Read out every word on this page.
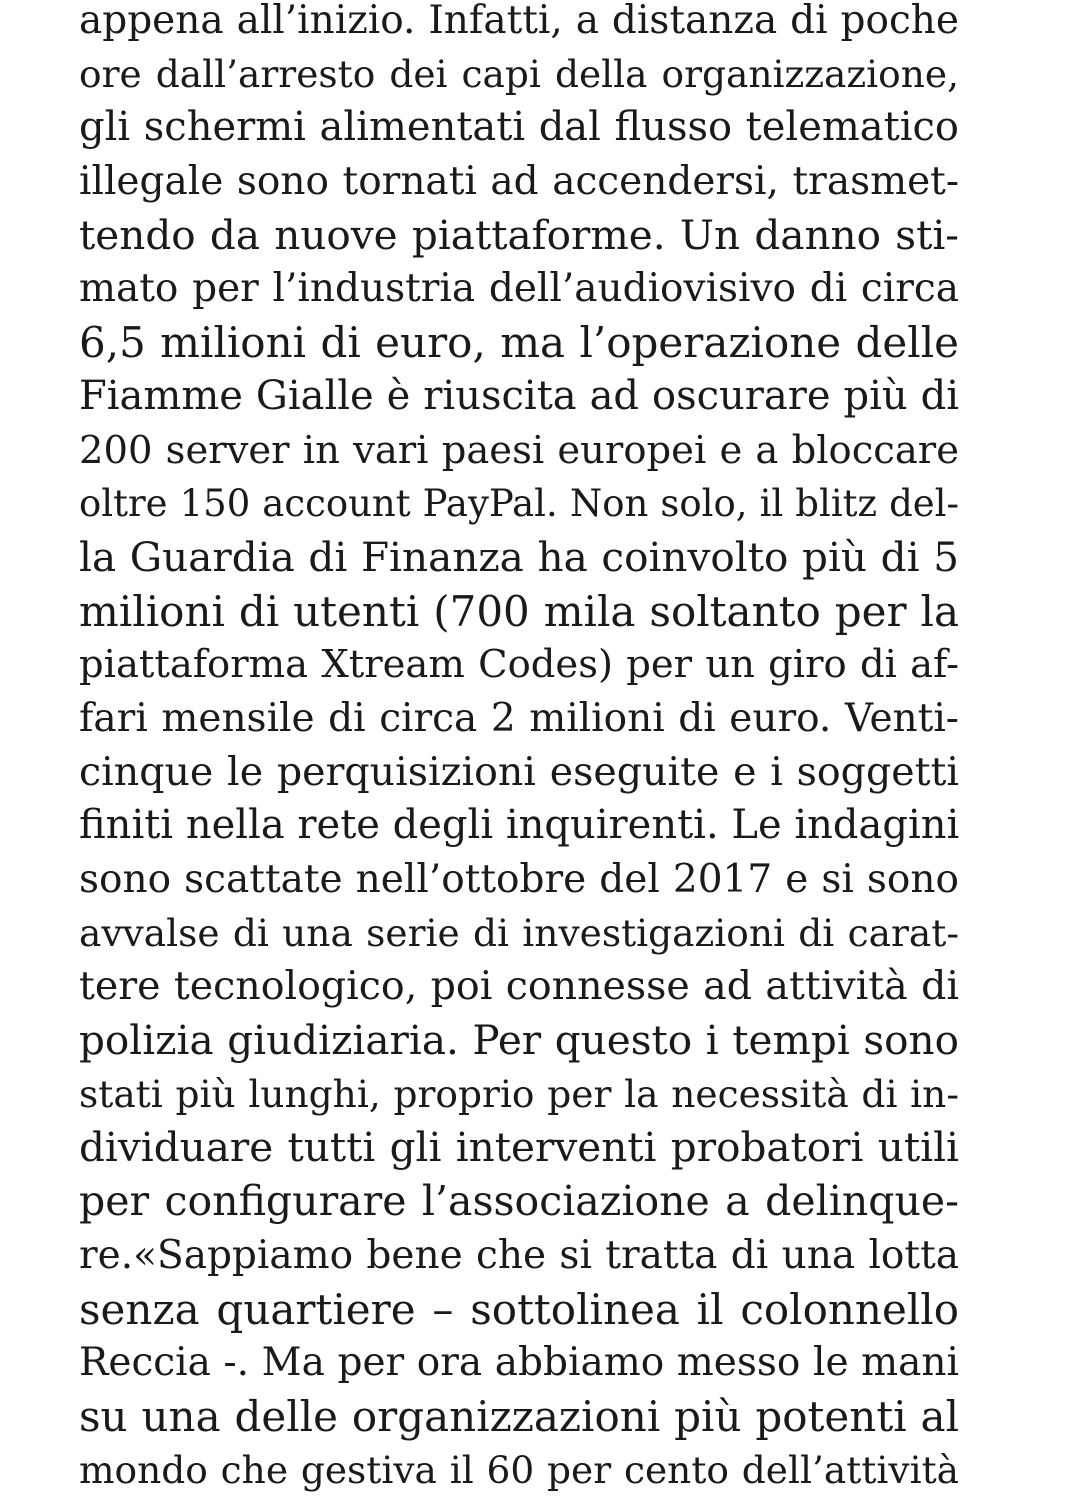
appena all’inizio. Infatti, a distanza di poche
ore dall’arresto dei capi della organizzazione,
gli schermi alimentati dal flusso telematico
illegale sono tornati ad accendersi, trasmet-
tendo da nuove piattaforme. Un danno sti-
mato per l’industria dell’audiovisivo di circa
6,5 milioni di euro, ma l’operazione delle
Fiamme Gialle è riuscita ad oscurare più di
200 server in vari paesi europei e a bloccare
oltre 150 account PayPal. Non solo, il blitz del-
la Guardia di Finanza ha coinvolto più di 5
milioni di utenti (700 mila soltanto per la
piattaforma Xtream Codes) per un giro di af-
fari mensile di circa 2 milioni di euro. Venti-
cinque le perquisizioni eseguite e i soggetti
finiti nella rete degli inquirenti. Le indagini
sono scattate nell’ottobre del 2017 e si sono
avvalse di una serie di investigazioni di carat-
tere tecnologico, poi connesse ad attività di
polizia giudiziaria. Per questo i tempi sono
stati più lunghi, proprio per la necessità di in-
dividuare tutti gli interventi probatori utili
per configurare l’associazione a delinque-
re.«Sappiamo bene che si tratta di una lotta
senza quartiere – sottolinea il colonnello
Reccia -. Ma per ora abbiamo messo le mani
su una delle organizzazioni più potenti al
mondo che gestiva il 60 per cento dell’attività
